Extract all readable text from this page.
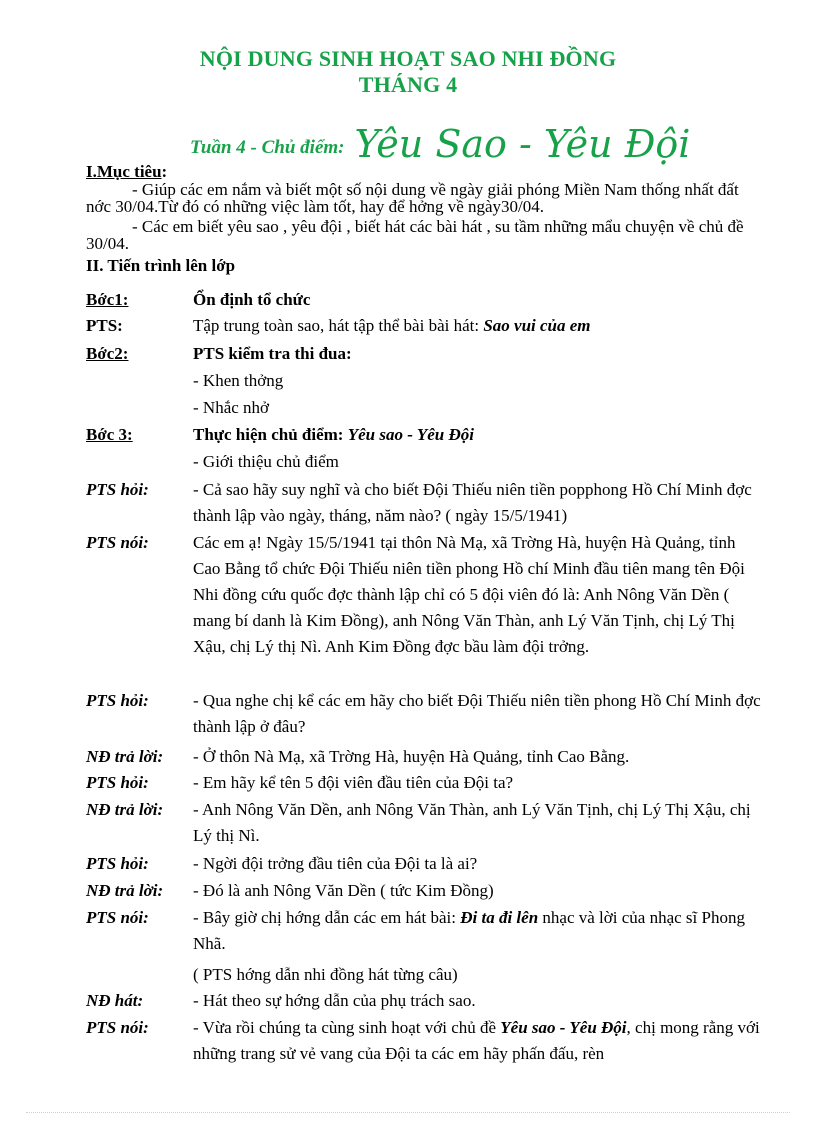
NỘI DUNG SINH HOẠT SAO NHI ĐỒNG
THÁNG 4
Tuần 4 - Chủ điểm: Yêu Sao - Yêu Đội
I.Mục tiêu:
- Giúp các em nắm và biết một số nội dung về ngày giải phóng Miền Nam thống nhất đất nớc 30/04.Từ đó có những việc làm tốt, hay để hởng về ngày30/04.
- Các em biết yêu sao , yêu đội , biết hát các bài hát , su tầm những mẩu chuyện về chủ đề 30/04.
II. Tiến trình lên lớp
Bớc1:	Ổn định tổ chức
PTS:	Tập trung toàn sao, hát tập thể bài bài hát: Sao vui của em
Bớc2:	PTS kiểm tra thi đua:
- Khen thởng
- Nhắc nhở
Bớc 3:	Thực hiện chủ điểm: Yêu sao - Yêu Đội
- Giới thiệu chủ điểm
PTS hỏi:	- Cả sao hãy suy nghĩ và cho biết Đội Thiếu niên tiền popphong Hồ Chí Minh đợc thành lập vào ngày, tháng, năm nào? ( ngày 15/5/1941)
PTS nói:	Các em ạ! Ngày 15/5/1941 tại thôn Nà Mạ, xã Trờng Hà, huyện Hà Quảng, tỉnh Cao Bằng tổ chức Đội Thiếu niên tiền phong Hồ chí Minh đầu tiên mang tên Đội Nhi đồng cứu quốc đợc thành lập chỉ có 5 đội viên đó là: Anh Nông Văn Dền ( mang bí danh là Kim Đồng), anh Nông Văn Thàn, anh Lý Văn Tịnh, chị Lý Thị Xậu, chị Lý thị Nì. Anh Kim Đồng đợc bầu làm đội trởng.
PTS hỏi:	- Qua nghe chị kể các em hãy cho biết Đội Thiếu niên tiền phong Hồ Chí Minh đợc thành lập ở đâu?
NĐ trả lời: - Ở thôn Nà Mạ, xã Trờng Hà, huyện Hà Quảng, tỉnh Cao Bằng.
PTS hỏi:	- Em hãy kể tên 5 đội viên đầu tiên của Đội ta?
NĐ trả lời: - Anh Nông Văn Dền, anh Nông Văn Thàn, anh Lý Văn Tịnh, chị Lý Thị Xậu, chị Lý thị Nì.
PTS hỏi:	- Ngời đội trởng đầu tiên của Đội ta là ai?
NĐ trả lời: - Đó là anh Nông Văn Dền ( tức Kim Đồng)
PTS nói:	- Bây giờ chị hớng dẫn các em hát bài: Đi ta đi lên nhạc và lời của nhạc sĩ Phong Nhã.
( PTS hớng dẫn nhi đồng hát từng câu)
NĐ hát:	- Hát theo sự hớng dẫn của phụ trách sao.
PTS nói:	- Vừa rồi chúng ta cùng sinh hoạt với chủ đề Yêu sao - Yêu Đội, chị mong rằng với những trang sử vẻ vang của Đội ta các em hãy phấn đấu, rèn
